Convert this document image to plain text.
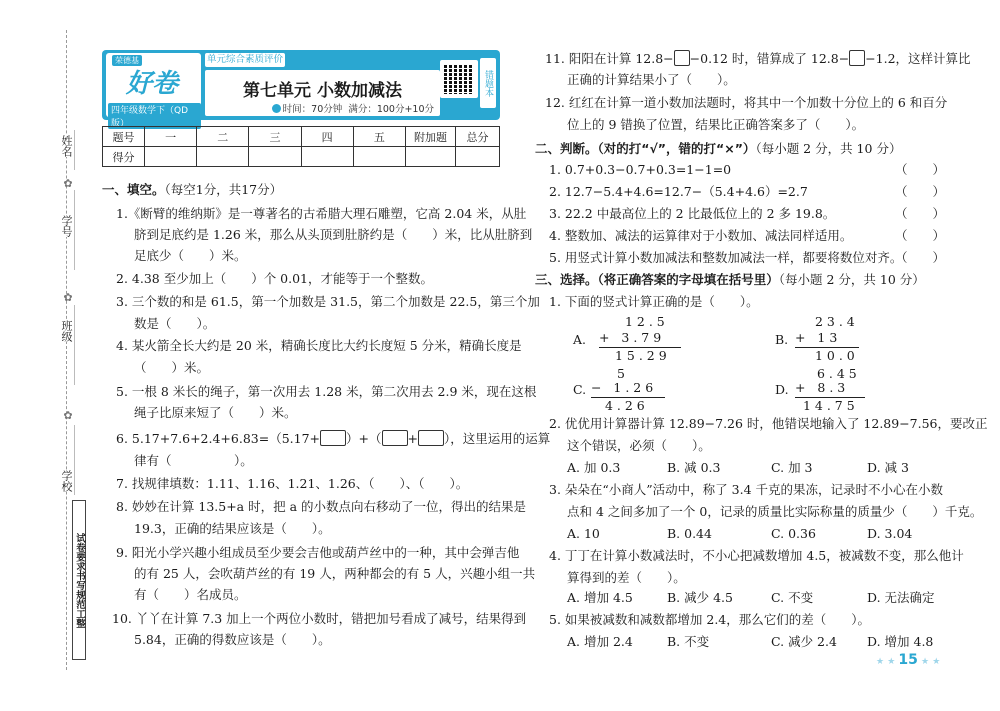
姓名
✿
学号
✿
班级
✿
学校
试卷要求书写规范工整
荣德基
好卷
四年级数学下（QD版）
单元综合素质评价
第七单元 小数加减法
时间：70分钟 满分：100分+10分
错题本
题号	一	二	三	四	五	附加题	总分
得分							
一、填空。（每空1分，共17分）
1.《断臂的维纳斯》是一尊著名的古希腊大理石雕塑，它高 2.04 米，从肚
脐到足底约是 1.26 米，那么从头顶到肚脐约是（　　）米，比从肚脐到
足底少（　　）米。
2. 4.38 至少加上（　　）个 0.01，才能等于一个整数。
3. 三个数的和是 61.5，第一个加数是 31.5，第二个加数是 22.5，第三个加
数是（　　）。
4. 某火箭全长大约是 20 米，精确长度比大约长度短 5 分米，精确长度是
（　　）米。
5. 一根 8 米长的绳子，第一次用去 1.28 米，第二次用去 2.9 米，现在这根
绳子比原来短了（　　）米。
6. 5.17+7.6+2.4+6.83=（5.17+ ）+（ + ），这里运用的运算
律有（　　　　　）。
7. 找规律填数：1.11、1.16、1.21、1.26、（　　）、（　　）。
8. 妙妙在计算 13.5+a 时，把 a 的小数点向右移动了一位，得出的结果是
19.3，正确的结果应该是（　　）。
9. 阳光小学兴趣小组成员至少要会吉他或葫芦丝中的一种，其中会弹吉他
的有 25 人，会吹葫芦丝的有 19 人，两种都会的有 5 人，兴趣小组一共
有（　　）名成员。
10. 丫丫在计算 7.3 加上一个两位小数时，错把加号看成了减号，结果得到
5.84，正确的得数应该是（　　）。
11. 阳阳在计算 12.8− −0.12 时，错算成了 12.8− −1.2，这样计算比
正确的计算结果小了（　　）。
12. 红红在计算一道小数加法题时，将其中一个加数十分位上的 6 和百分
位上的 9 错换了位置，结果比正确答案多了（　　）。
二、判断。（对的打“√”，错的打“×”）（每小题 2 分，共 10 分）
1. 0.7+0.3−0.7+0.3=1−1=0	（　　）
2. 12.7−5.4+4.6=12.7−（5.4+4.6）=2.7	（　　）
3. 22.2 中最高位上的 2 比最低位上的 2 多 19.8。	（　　）
4. 整数加、减法的运算律对于小数加、减法同样适用。	（　　）
5. 用竖式计算小数加减法和整数加减法一样，都要将数位对齐。
（　　）
三、选择。（将正确答案的字母填在括号里）（每小题 2 分，共 10 分）
1. 下面的竖式计算正确的是（　　）。
A.
1 2 . 5
+   3 . 7 9
1 5 . 2 9
B.
2 3 . 4
+   1 3
1 0 . 0
C.
5
−   1 . 2 6
4 . 2 6
D.
6 . 4 5
+   8 . 3
1 4 . 7 5
2. 优优用计算器计算 12.89−7.26 时，他错误地输入了 12.89−7.56，要改正
这个错误，必须（　　）。
A. 加 0.3	B. 减 0.3	C. 加 3	D. 减 3
3. 朵朵在“小商人”活动中，称了 3.4 千克的果冻，记录时不小心在小数
点和 4 之间多加了一个 0，记录的质量比实际称量的质量少（　　）千克。
A. 10	B. 0.44	C. 0.36	D. 3.04
4. 丁丁在计算小数减法时，不小心把减数增加 4.5，被减数不变，那么他计
算得到的差（　　）。
A. 增加 4.5	B. 减少 4.5	C. 不变	D. 无法确定
5. 如果被减数和减数都增加 2.4，那么它们的差（　　）。
A. 增加 2.4	B. 不变	C. 减少 2.4 D. 增加 4.8
★ ★ 15 ★ ★
